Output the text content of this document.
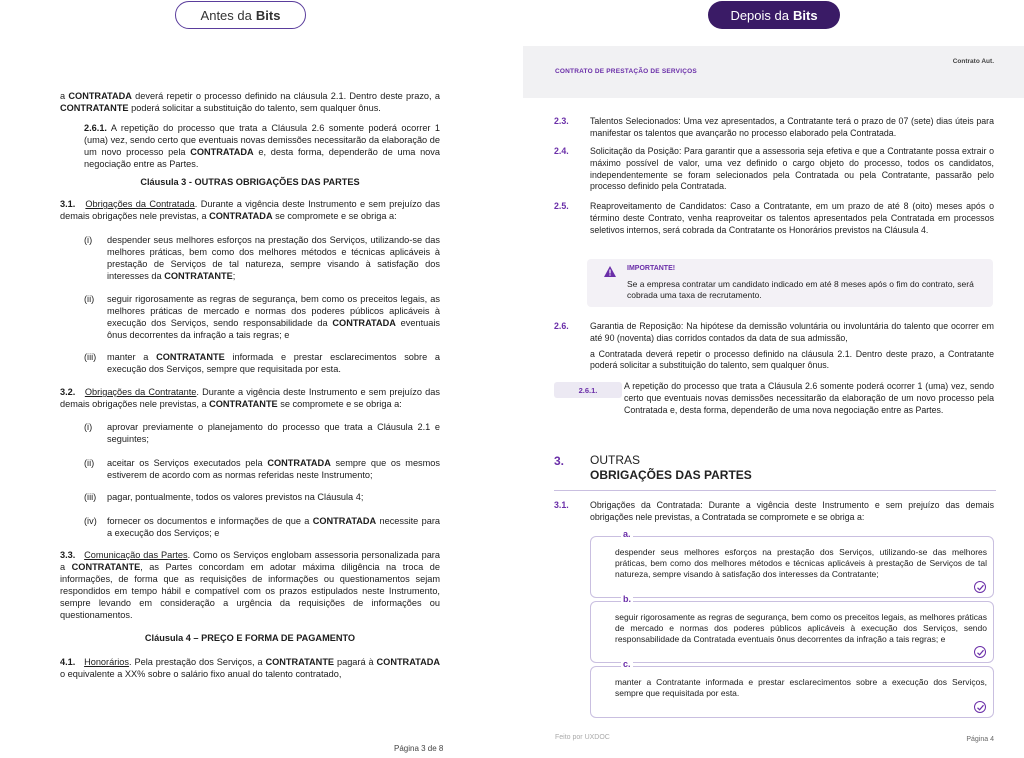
Antes da Bits	Depois da Bits
a CONTRATADA deverá repetir o processo definido na cláusula 2.1. Dentro deste prazo, a CONTRATANTE poderá solicitar a substituição do talento, sem qualquer ônus.
2.6.1. A repetição do processo que trata a Cláusula 2.6 somente poderá ocorrer 1 (uma) vez, sendo certo que eventuais novas demissões necessitarão da elaboração de um novo processo pela CONTRATADA e, desta forma, dependerão de uma nova negociação entre as Partes.
Cláusula 3 - OUTRAS OBRIGAÇÕES DAS PARTES
3.1. Obrigações da Contratada. Durante a vigência deste Instrumento e sem prejuízo das demais obrigações nele previstas, a CONTRATADA se compromete e se obriga a:
(i)	despender seus melhores esforços na prestação dos Serviços, utilizando-se das melhores práticas, bem como dos melhores métodos e técnicas aplicáveis à prestação de Serviços de tal natureza, sempre visando à satisfação dos interesses da CONTRATANTE;
(ii)	seguir rigorosamente as regras de segurança, bem como os preceitos legais, as melhores práticas de mercado e normas dos poderes públicos aplicáveis à execução dos Serviços, sendo responsabilidade da CONTRATADA eventuais ônus decorrentes da infração a tais regras; e
(iii)	manter a CONTRATANTE informada e prestar esclarecimentos sobre a execução dos Serviços, sempre que requisitada por esta.
3.2. Obrigações da Contratante. Durante a vigência deste Instrumento e sem prejuízo das demais obrigações nele previstas, a CONTRATANTE se compromete e se obriga a:
(i)	aprovar previamente o planejamento do processo que trata a Cláusula 2.1 e seguintes;
(ii)	aceitar os Serviços executados pela CONTRATADA sempre que os mesmos estiverem de acordo com as normas referidas neste Instrumento;
(iii)	pagar, pontualmente, todos os valores previstos na Cláusula 4;
(iv)	fornecer os documentos e informações de que a CONTRATADA necessite para a execução dos Serviços; e
3.3. Comunicação das Partes. Como os Serviços englobam assessoria personalizada para a CONTRATANTE, as Partes concordam em adotar máxima diligência na troca de informações, de forma que as requisições de informações ou questionamentos sejam respondidos em tempo hábil e compatível com os prazos estipulados neste Instrumento, sempre levando em consideração a urgência da requisições de informações ou questionamentos.
Cláusula 4 – PREÇO E FORMA DE PAGAMENTO
4.1. Honorários. Pela prestação dos Serviços, a CONTRATANTE pagará à CONTRATADA o equivalente a XX% sobre o salário fixo anual do talento contratado,
Página 3 de 8
CONTRATO DE PRESTAÇÃO DE SERVIÇOS
Contrato Aut.
2.3. Talentos Selecionados: Uma vez apresentados, a Contratante terá o prazo de 07 (sete) dias úteis para manifestar os talentos que avançarão no processo elaborado pela Contratada.
2.4. Solicitação da Posição: Para garantir que a assessoria seja efetiva e que a Contratante possa extrair o máximo possível de valor, uma vez definido o cargo objeto do processo, todos os candidatos, independentemente se foram selecionados pela Contratada ou pela Contratante, passarão pelo processo definido pela Contratada.
2.5. Reaproveitamento de Candidatos: Caso a Contratante, em um prazo de até 8 (oito) meses após o término deste Contrato, venha reaproveitar os talentos apresentados pela Contratada em processos seletivos internos, será cobrada da Contratante os Honorários previstos na Cláusula 4.
IMPORTANTE!
Se a empresa contratar um candidato indicado em até 8 meses após o fim do contrato, será cobrada uma taxa de recrutamento.
2.6. Garantia de Reposição: Na hipótese da demissão voluntária ou involuntária do talento que ocorrer em até 90 (noventa) dias corridos contados da data de sua admissão,
a Contratada deverá repetir o processo definido na cláusula 2.1. Dentro deste prazo, a Contratante poderá solicitar a substituição do talento, sem qualquer ônus.
2.6.1.	A repetição do processo que trata a Cláusula 2.6 somente poderá ocorrer 1 (uma) vez, sendo certo que eventuais novas demissões necessitarão da elaboração de um novo processo pela Contratada e, desta forma, dependerão de uma nova negociação entre as Partes.
3. OUTRAS
OBRIGAÇÕES DAS PARTES
3.1. Obrigações da Contratada: Durante a vigência deste Instrumento e sem prejuízo das demais obrigações nele previstas, a Contratada se compromete e se obriga a:
a.
despender seus melhores esforços na prestação dos Serviços, utilizando-se das melhores práticas, bem como dos melhores métodos e técnicas aplicáveis à prestação de Serviços de tal natureza, sempre visando à satisfação dos interesses da Contratante;
b.
seguir rigorosamente as regras de segurança, bem como os preceitos legais, as melhores práticas de mercado e normas dos poderes públicos aplicáveis à execução dos Serviços, sendo responsabilidade da Contratada eventuais ônus decorrentes da infração a tais regras; e
c.
manter a Contratante informada e prestar esclarecimentos sobre a execução dos Serviços, sempre que requisitada por esta.
Feito por UXDOC	Página 4
